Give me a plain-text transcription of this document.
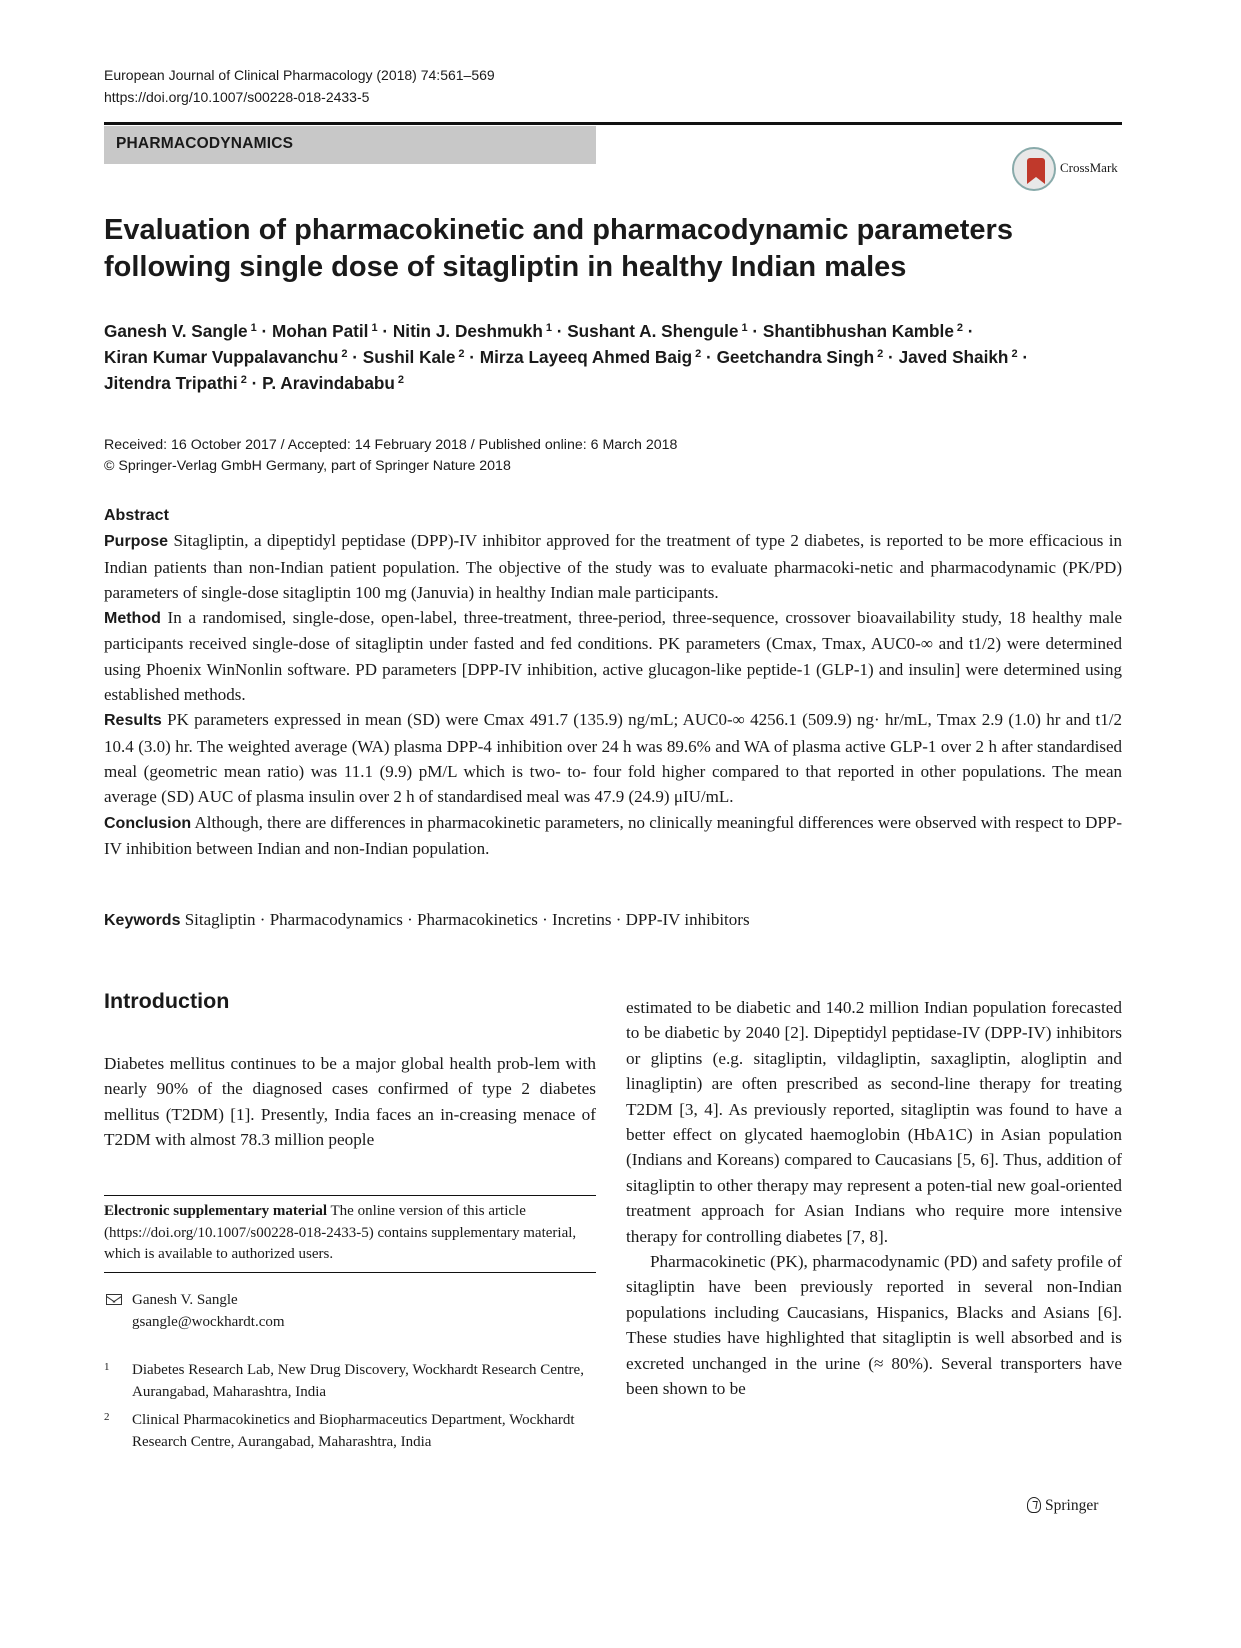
European Journal of Clinical Pharmacology (2018) 74:561–569
https://doi.org/10.1007/s00228-018-2433-5
PHARMACODYNAMICS
CrossMark
Evaluation of pharmacokinetic and pharmacodynamic parameters following single dose of sitagliptin in healthy Indian males
Ganesh V. Sangle $^1$ · Mohan Patil $^1$ · Nitin J. Deshmukh $^1$ · Sushant A. Shengule $^1$ · Shantibhushan Kamble $^2$ ·
Kiran Kumar Vuppalavanchu $^2$ · Sushil Kale $^2$ · Mirza Layeeq Ahmed Baig $^2$ · Geetchandra Singh $^2$ · Javed Shaikh $^2$ ·
Jitendra Tripathi $^2$ · P. Aravindababu $^2$
Received: 16 October 2017 / Accepted: 14 February 2018 / Published online: 6 March 2018
© Springer-Verlag GmbH Germany, part of Springer Nature 2018
Abstract

Purpose Sitagliptin, a dipeptidyl peptidase (DPP)-IV inhibitor approved for the treatment of type 2 diabetes, is reported to be more efficacious in Indian patients than non-Indian patient population. The objective of the study was to evaluate pharmacoki-netic and pharmacodynamic (PK/PD) parameters of single-dose sitagliptin 100 mg (Januvia) in healthy Indian male participants.

Method In a randomised, single-dose, open-label, three-treatment, three-period, three-sequence, crossover bioavailability study, 18 healthy male participants received single-dose of sitagliptin under fasted and fed conditions. PK parameters (Cmax, Tmax, AUC0-∞ and t1/2) were determined using Phoenix WinNonlin software. PD parameters [DPP-IV inhibition, active glucagon-like peptide-1 (GLP-1) and insulin] were determined using established methods.

Results PK parameters expressed in mean (SD) were Cmax 491.7 (135.9) ng/mL; AUC0-∞ 4256.1 (509.9) ng· hr/mL, Tmax 2.9 (1.0) hr and t1/2 10.4 (3.0) hr. The weighted average (WA) plasma DPP-4 inhibition over 24 h was 89.6% and WA of plasma active GLP-1 over 2 h after standardised meal (geometric mean ratio) was 11.1 (9.9) pM/L which is two- to- four fold higher compared to that reported in other populations. The mean average (SD) AUC of plasma insulin over 2 h of standardised meal was 47.9 (24.9) μIU/mL.

Conclusion Although, there are differences in pharmacokinetic parameters, no clinically meaningful differences were observed with respect to DPP-IV inhibition between Indian and non-Indian population.

Keywords Sitagliptin · Pharmacodynamics · Pharmacokinetics · Incretins · DPP-IV inhibitors
Introduction
Diabetes mellitus continues to be a major global health prob-lem with nearly 90% of the diagnosed cases confirmed of type 2 diabetes mellitus (T2DM) [1]. Presently, India faces an in-creasing menace of T2DM with almost 78.3 million people

estimated to be diabetic and 140.2 million Indian population forecasted to be diabetic by 2040 [2]. Dipeptidyl peptidase-IV (DPP-IV) inhibitors or gliptins (e.g. sitagliptin, vildagliptin, saxagliptin, alogliptin and linagliptin) are often prescribed as second-line therapy for treating T2DM [3, 4]. As previously reported, sitagliptin was found to have a better effect on glycated haemoglobin (HbA1C) in Asian population (Indians and Koreans) compared to Caucasians [5, 6]. Thus, addition of sitagliptin to other therapy may represent a poten-tial new goal-oriented treatment approach for Asian Indians who require more intensive therapy for controlling diabetes [7, 8].

Pharmacokinetic (PK), pharmacodynamic (PD) and safety profile of sitagliptin have been previously reported in several non-Indian populations including Caucasians, Hispanics, Blacks and Asians [6]. These studies have highlighted that sitagliptin is well absorbed and is excreted unchanged in the urine (≈ 80%). Several transporters have been shown to be

Electronic supplementary material The online version of this article (https://doi.org/10.1007/s00228-018-2433-5) contains supplementary material, which is available to authorized users.
Ganesh V. Sangle
gsangle@wockhardt.com
1 Diabetes Research Lab, New Drug Discovery, Wockhardt Research Centre, Aurangabad, Maharashtra, India
2 Clinical Pharmacokinetics and Biopharmaceutics Department, Wockhardt Research Centre, Aurangabad, Maharashtra, India
Springer
